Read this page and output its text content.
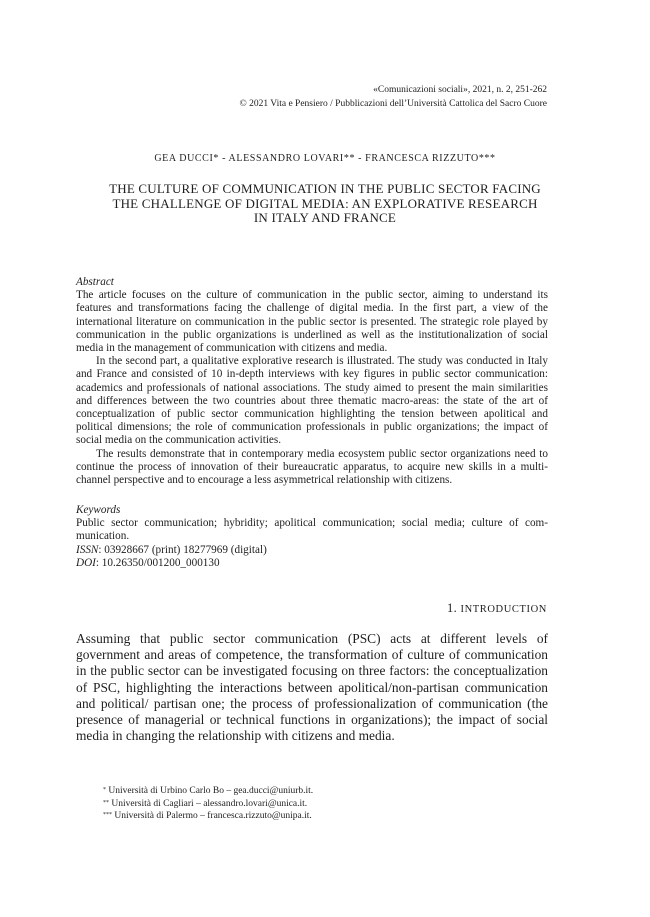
«Comunicazioni sociali», 2021, n. 2, 251-262
© 2021 Vita e Pensiero / Pubblicazioni dell’Università Cattolica del Sacro Cuore
GEA DUCCI* - ALESSANDRO LOVARI** - FRANCESCA RIZZUTO***
THE CULTURE OF COMMUNICATION IN THE PUBLIC SECTOR FACING
THE CHALLENGE OF DIGITAL MEDIA: AN EXPLORATIVE RESEARCH
IN ITALY AND FRANCE

Abstract

The article focuses on the culture of communication in the public sector, aiming to understand its features and transformations facing the challenge of digital media. In the first part, a view of the international literature on communication in the public sector is presented. The strategic role played by communication in the public organizations is underlined as well as the institutionalization of social media in the management of communication with citizens and media.

In the second part, a qualitative explorative research is illustrated. The study was conducted in Italy and France and consisted of 10 in-depth interviews with key figures in public sector communication: academics and professionals of national associations. The study aimed to present the main similarities and differences between the two countries about three thematic macro-areas: the state of the art of conceptualization of public sector communication highlighting the tension between apolitical and political dimensions; the role of communication professionals in public organizations; the impact of social media on the communication activities.

The results demonstrate that in contemporary media ecosystem public sector organizations need to continue the process of innovation of their bureaucratic apparatus, to acquire new skills in a multi-channel perspective and to encourage a less asymmetrical relationship with citizens.

Keywords

Public sector communication; hybridity; apolitical communication; social media; culture of communication.

ISSN: 03928667 (print) 18277969 (digital)

DOI: 10.26350/001200_000130

1. INTRODUCTION

Assuming that public sector communication (PSC) acts at different levels of government and areas of competence, the transformation of culture of communication in the public sector can be investigated focusing on three factors: the conceptualization of PSC, highlighting the interactions between apolitical/non-partisan communication and political/ partisan one; the process of professionalization of communication (the presence of managerial or technical functions in organizations); the impact of social media in changing the relationship with citizens and media.

* Università di Urbino Carlo Bo – gea.ducci@uniurb.it.
** Università di Cagliari – alessandro.lovari@unica.it.
*** Università di Palermo – francesca.rizzuto@unipa.it.
